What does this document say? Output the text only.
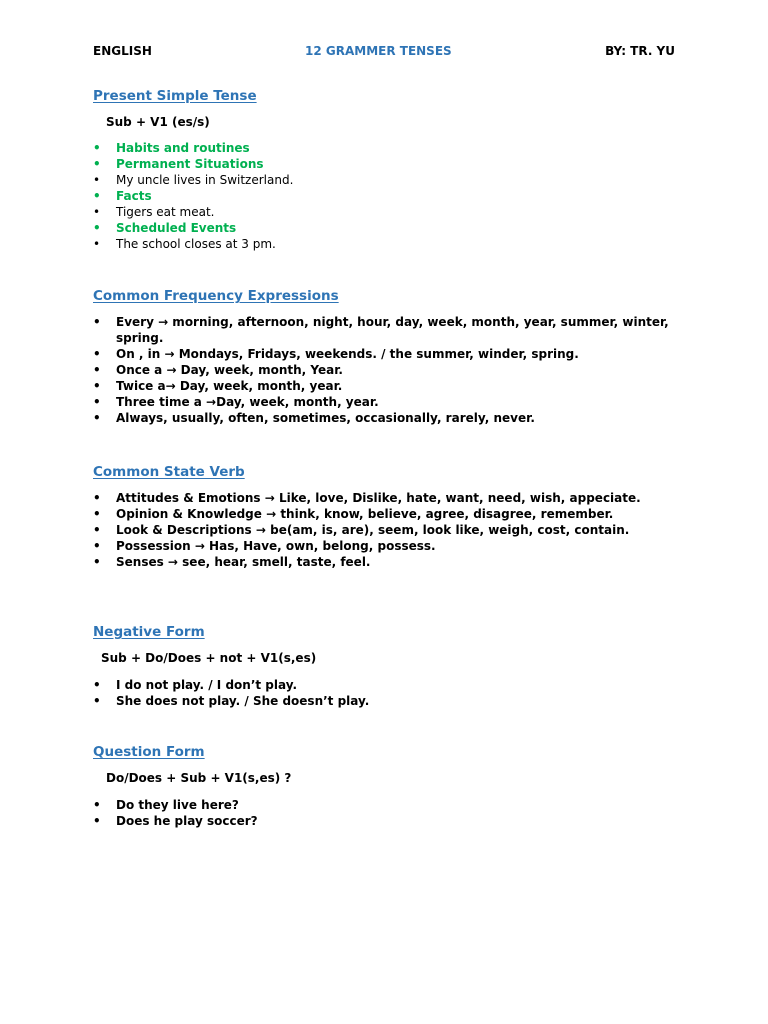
ENGLISH	12 GRAMMER TENSES	BY: TR. YU
Present Simple Tense
Sub + V1 (es/s)
•	Habits and routines
•	Permanent Situations
•	My uncle lives in Switzerland.
•	Facts
•	Tigers eat meat.
•	Scheduled Events
•	The school closes at 3 pm.
Common Frequency Expressions
•	Every → morning, afternoon, night, hour, day, week, month, year, summer, winter, spring.
•	On , in → Mondays, Fridays, weekends. / the summer, winder, spring.
•	Once a → Day, week, month, Year.
•	Twice a→ Day, week, month, year.
•	Three time a →Day, week, month, year.
•	Always, usually, often, sometimes, occasionally, rarely, never.
Common State Verb
•	Attitudes & Emotions → Like, love, Dislike, hate, want, need, wish, appeciate.
•	Opinion & Knowledge → think, know, believe, agree, disagree, remember.
•	Look & Descriptions → be(am, is, are), seem, look like, weigh, cost, contain.
•	Possession → Has, Have, own, belong, possess.
•	Senses → see, hear, smell, taste, feel.
Negative Form
Sub + Do/Does + not + V1(s,es)
•	I do not play. / I don’t play.
•	She does not play. / She doesn’t play.
Question Form
Do/Does + Sub + V1(s,es) ?
•	Do they live here?
•	Does he play soccer?
